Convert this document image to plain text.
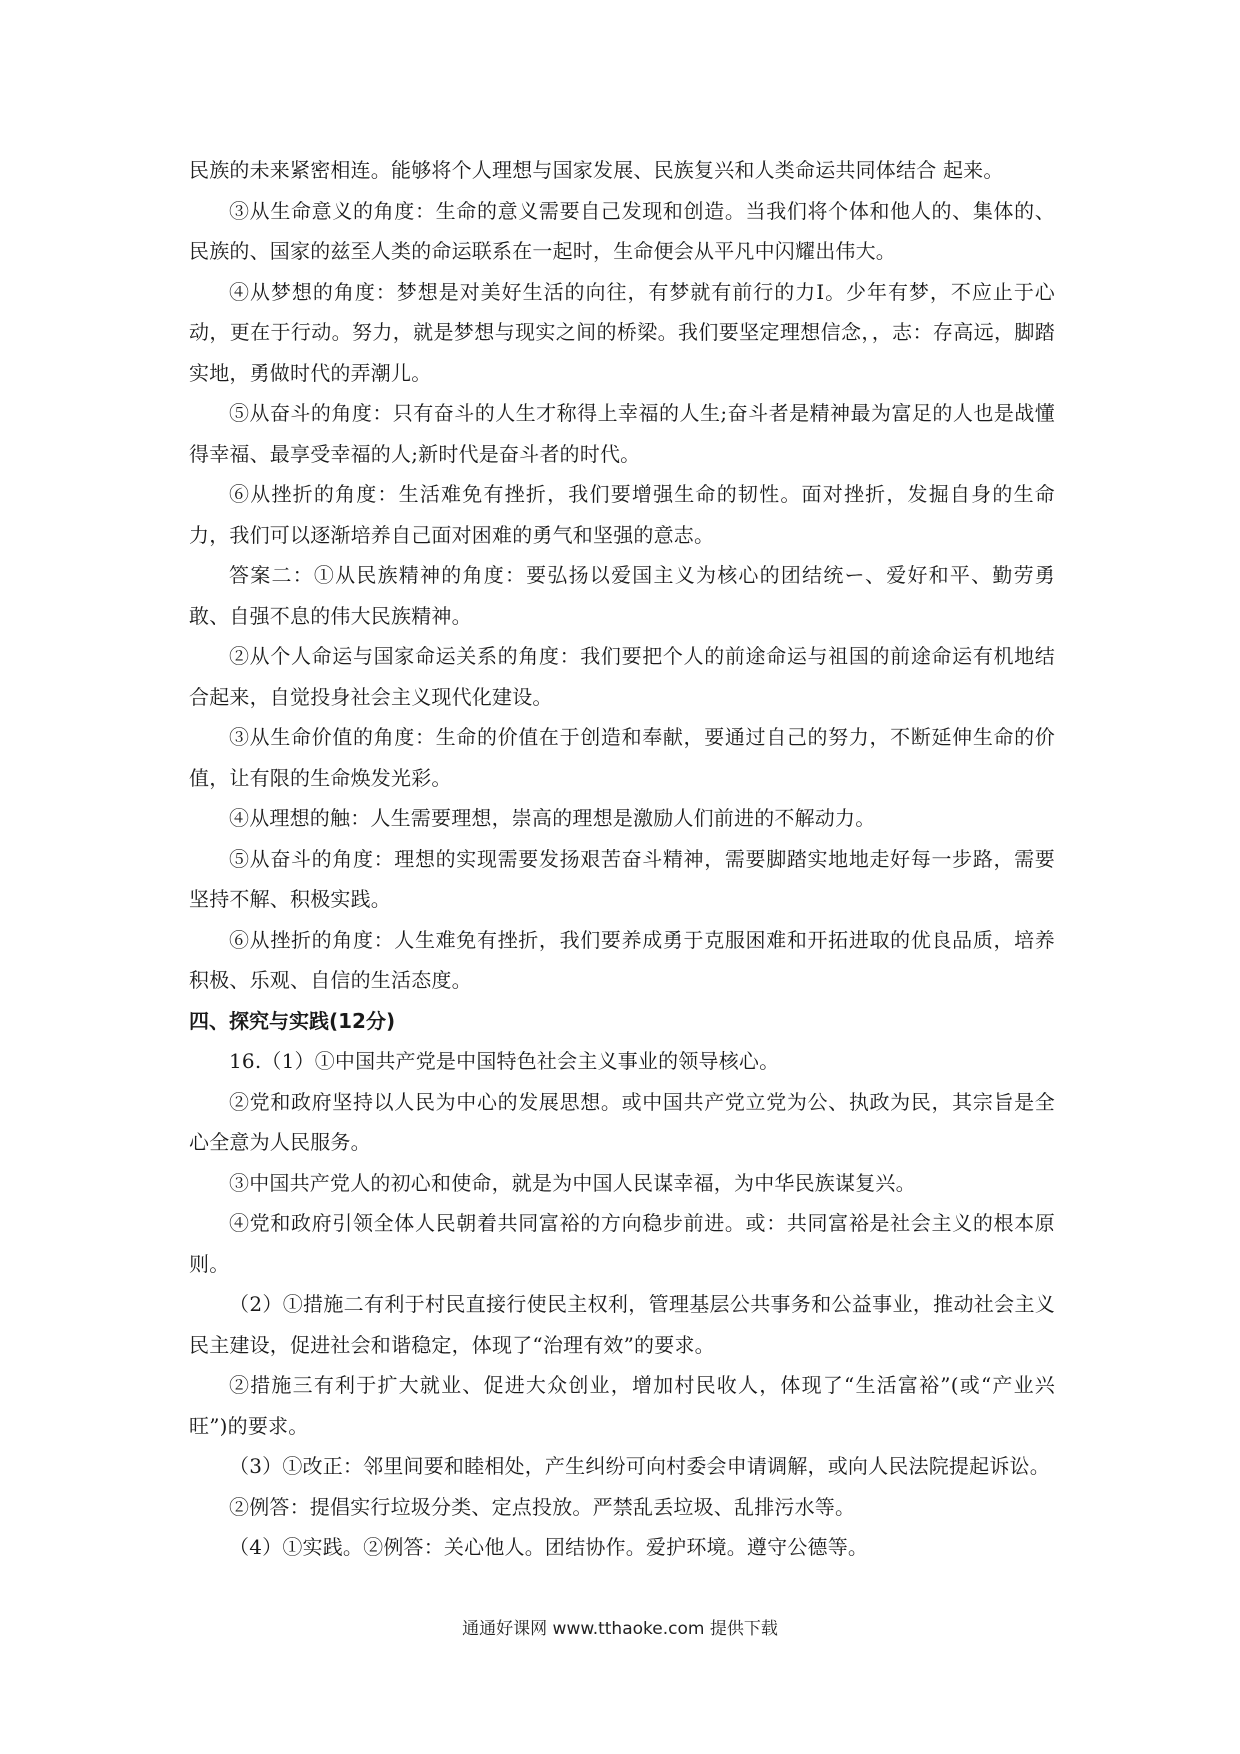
民族的未来紧密相连。能够将个人理想与国家发展、民族复兴和人类命运共同体结合 起来。

③从生命意义的角度：生命的意义需要自己发现和创造。当我们将个体和他人的、集体的、民族的、国家的兹至人类的命运联系在一起时，生命便会从平凡中闪耀出伟大。

④从梦想的角度：梦想是对美好生活的向往，有梦就有前行的力I。少年有梦，不应止于心动，更在于行动。努力，就是梦想与现实之间的桥梁。我们要坚定理想信念，，志：存高远，脚踏实地，勇做时代的弄潮儿。

⑤从奋斗的角度：只有奋斗的人生才称得上幸福的人生;奋斗者是精神最为富足的人也是战懂得幸福、最享受幸福的人;新时代是奋斗者的时代。

⑥从挫折的角度：生活难免有挫折，我们要增强生命的韧性。面对挫折，发掘自身的生命力，我们可以逐渐培养自己面对困难的勇气和坚强的意志。

答案二：①从民族精神的角度：要弘扬以爱国主义为核心的团结统ー、爱好和平、勤劳勇敢、自强不息的伟大民族精神。

②从个人命运与国家命运关系的角度：我们要把个人的前途命运与祖国的前途命运有机地结合起来，自觉投身社会主义现代化建设。

③从生命价值的角度：生命的价值在于创造和奉献，要通过自己的努力，不断延伸生命的价值，让有限的生命焕发光彩。

④从理想的触：人生需要理想，崇高的理想是激励人们前进的不解动力。

⑤从奋斗的角度：理想的实现需要发扬艰苦奋斗精神，需要脚踏实地地走好每一步路，需要坚持不解、积极实践。

⑥从挫折的角度：人生难免有挫折，我们要养成勇于克服困难和开拓进取的优良品质，培养积极、乐观、自信的生活态度。

四、探究与实践(12分)

16.（1）①中国共产党是中国特色社会主义事业的领导核心。

②党和政府坚持以人民为中心的发展思想。或中国共产党立党为公、执政为民，其宗旨是全心全意为人民服务。

③中国共产党人的初心和使命，就是为中国人民谋幸福，为中华民族谋复兴。

④党和政府引领全体人民朝着共同富裕的方向稳步前进。或：共同富裕是社会主义的根本原则。

（2）①措施二有利于村民直接行使民主权利，管理基层公共事务和公益事业，推动社会主义民主建设，促进社会和谐稳定，体现了“治理有效”的要求。

②措施三有利于扩大就业、促进大众创业，增加村民收人，体现了“生活富裕”(或“产业兴 旺”)的要求。

（3）①改正：邻里间要和睦相处，产生纠纷可向村委会申请调解，或向人民法院提起诉讼。

②例答：提倡实行垃圾分类、定点投放。严禁乱丢垃圾、乱排污水等。

（4）①实践。②例答：关心他人。团结协作。爱护环境。遵守公德等。

通通好课网 www.tthaoke.com 提供下载
